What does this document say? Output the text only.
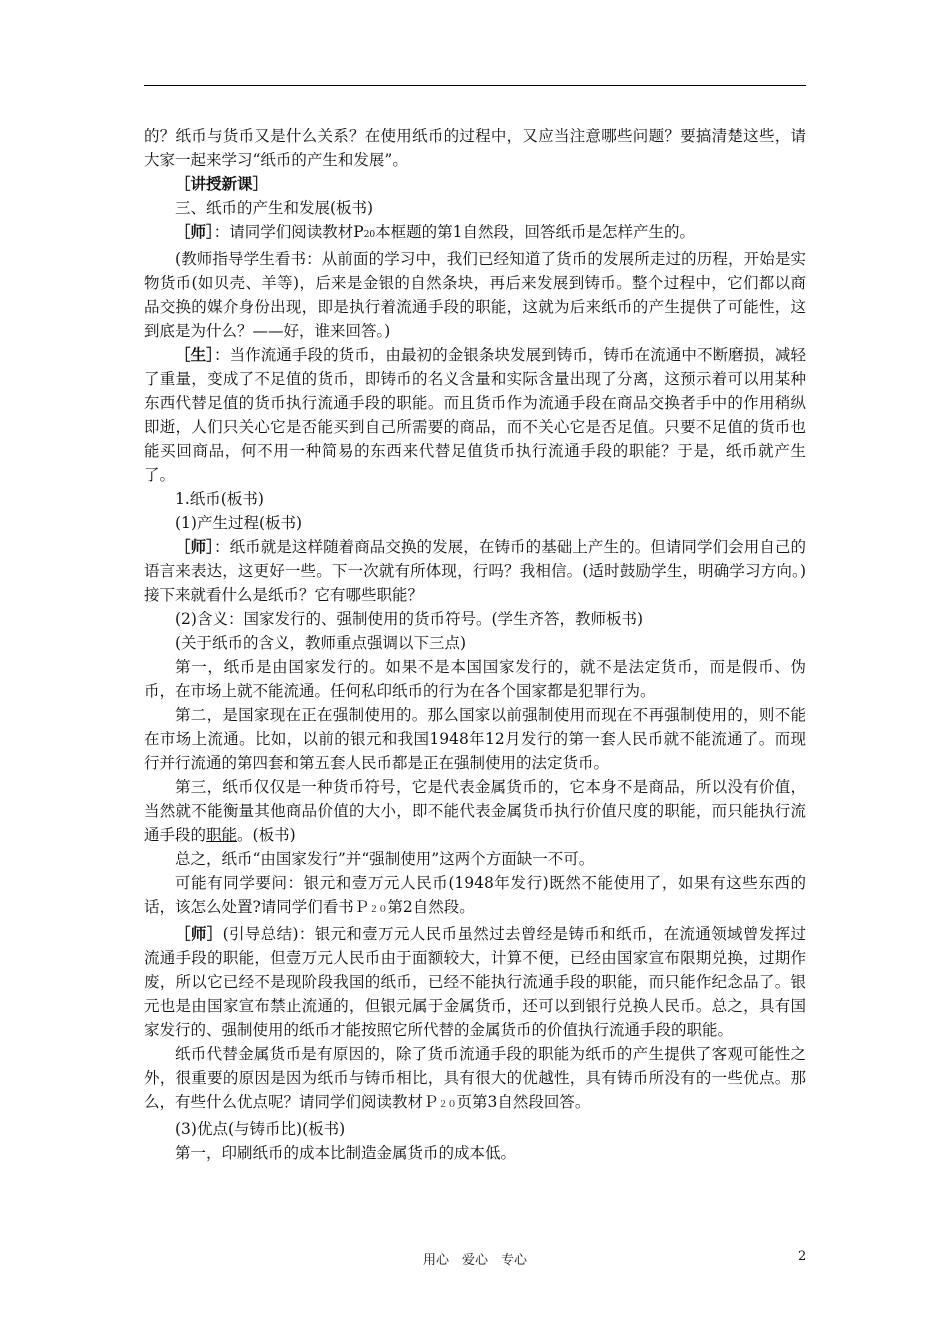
的？纸币与货币又是什么关系？在使用纸币的过程中，又应当注意哪些问题？要搞清楚这些，请大家一起来学习“纸币的产生和发展”。

［讲授新课］

三、纸币的产生和发展(板书)

［师］：请同学们阅读教材P20本框题的第1自然段，回答纸币是怎样产生的。

(教师指导学生看书：从前面的学习中，我们已经知道了货币的发展所走过的历程，开始是实物货币(如贝壳、羊等)，后来是金银的自然条块，再后来发展到铸币。整个过程中，它们都以商品交换的媒介身份出现，即是执行着流通手段的职能，这就为后来纸币的产生提供了可能性，这到底是为什么？——好，谁来回答。)

［生］：当作流通手段的货币，由最初的金银条块发展到铸币，铸币在流通中不断磨损，减轻了重量，变成了不足值的货币，即铸币的名义含量和实际含量出现了分离，这预示着可以用某种东西代替足值的货币执行流通手段的职能。而且货币作为流通手段在商品交换者手中的作用稍纵即逝，人们只关心它是否能买到自己所需要的商品，而不关心它是否足值。只要不足值的货币也能买回商品，何不用一种简易的东西来代替足值货币执行流通手段的职能？于是，纸币就产生了。

1.纸币(板书)

(1)产生过程(板书)

［师］：纸币就是这样随着商品交换的发展，在铸币的基础上产生的。但请同学们会用自己的语言来表达，这更好一些。下一次就有所体现，行吗？我相信。(适时鼓励学生，明确学习方向。)接下来就看什么是纸币？它有哪些职能？

(2)含义：国家发行的、强制使用的货币符号。(学生齐答，教师板书)

(关于纸币的含义，教师重点强调以下三点)

第一，纸币是由国家发行的。如果不是本国国家发行的，就不是法定货币，而是假币、伪币，在市场上就不能流通。任何私印纸币的行为在各个国家都是犯罪行为。

第二，是国家现在正在强制使用的。那么国家以前强制使用而现在不再强制使用的，则不能在市场上流通。比如，以前的银元和我国1948年12月发行的第一套人民币就不能流通了。而现行并行流通的第四套和第五套人民币都是正在强制使用的法定货币。

第三，纸币仅仅是一种货币符号，它是代表金属货币的，它本身不是商品，所以没有价值，当然就不能衡量其他商品价值的大小，即不能代表金属货币执行价值尺度的职能，而只能执行流通手段的职能。(板书)

总之，纸币“由国家发行”并“强制使用”这两个方面缺一不可。

可能有同学要问：银元和壹万元人民币(1948年发行)既然不能使用了，如果有这些东西的话，该怎么处置?请同学们看书Ｐ２０第2自然段。

［师］(引导总结)：银元和壹万元人民币虽然过去曾经是铸币和纸币，在流通领域曾发挥过流通手段的职能，但壹万元人民币由于面额较大，计算不便，已经由国家宣布限期兑换，过期作废，所以它已经不是现阶段我国的纸币，已经不能执行流通手段的职能，而只能作纪念品了。银元也是由国家宣布禁止流通的，但银元属于金属货币，还可以到银行兑换人民币。总之，具有国家发行的、强制使用的纸币才能按照它所代替的金属货币的价值执行流通手段的职能。

纸币代替金属货币是有原因的，除了货币流通手段的职能为纸币的产生提供了客观可能性之外，很重要的原因是因为纸币与铸币相比，具有很大的优越性，具有铸币所没有的一些优点。那么，有些什么优点呢？请同学们阅读教材Ｐ２０页第3自然段回答。

(3)优点(与铸币比)(板书)

第一，印刷纸币的成本比制造金属货币的成本低。

用心　爱心　专心	2
